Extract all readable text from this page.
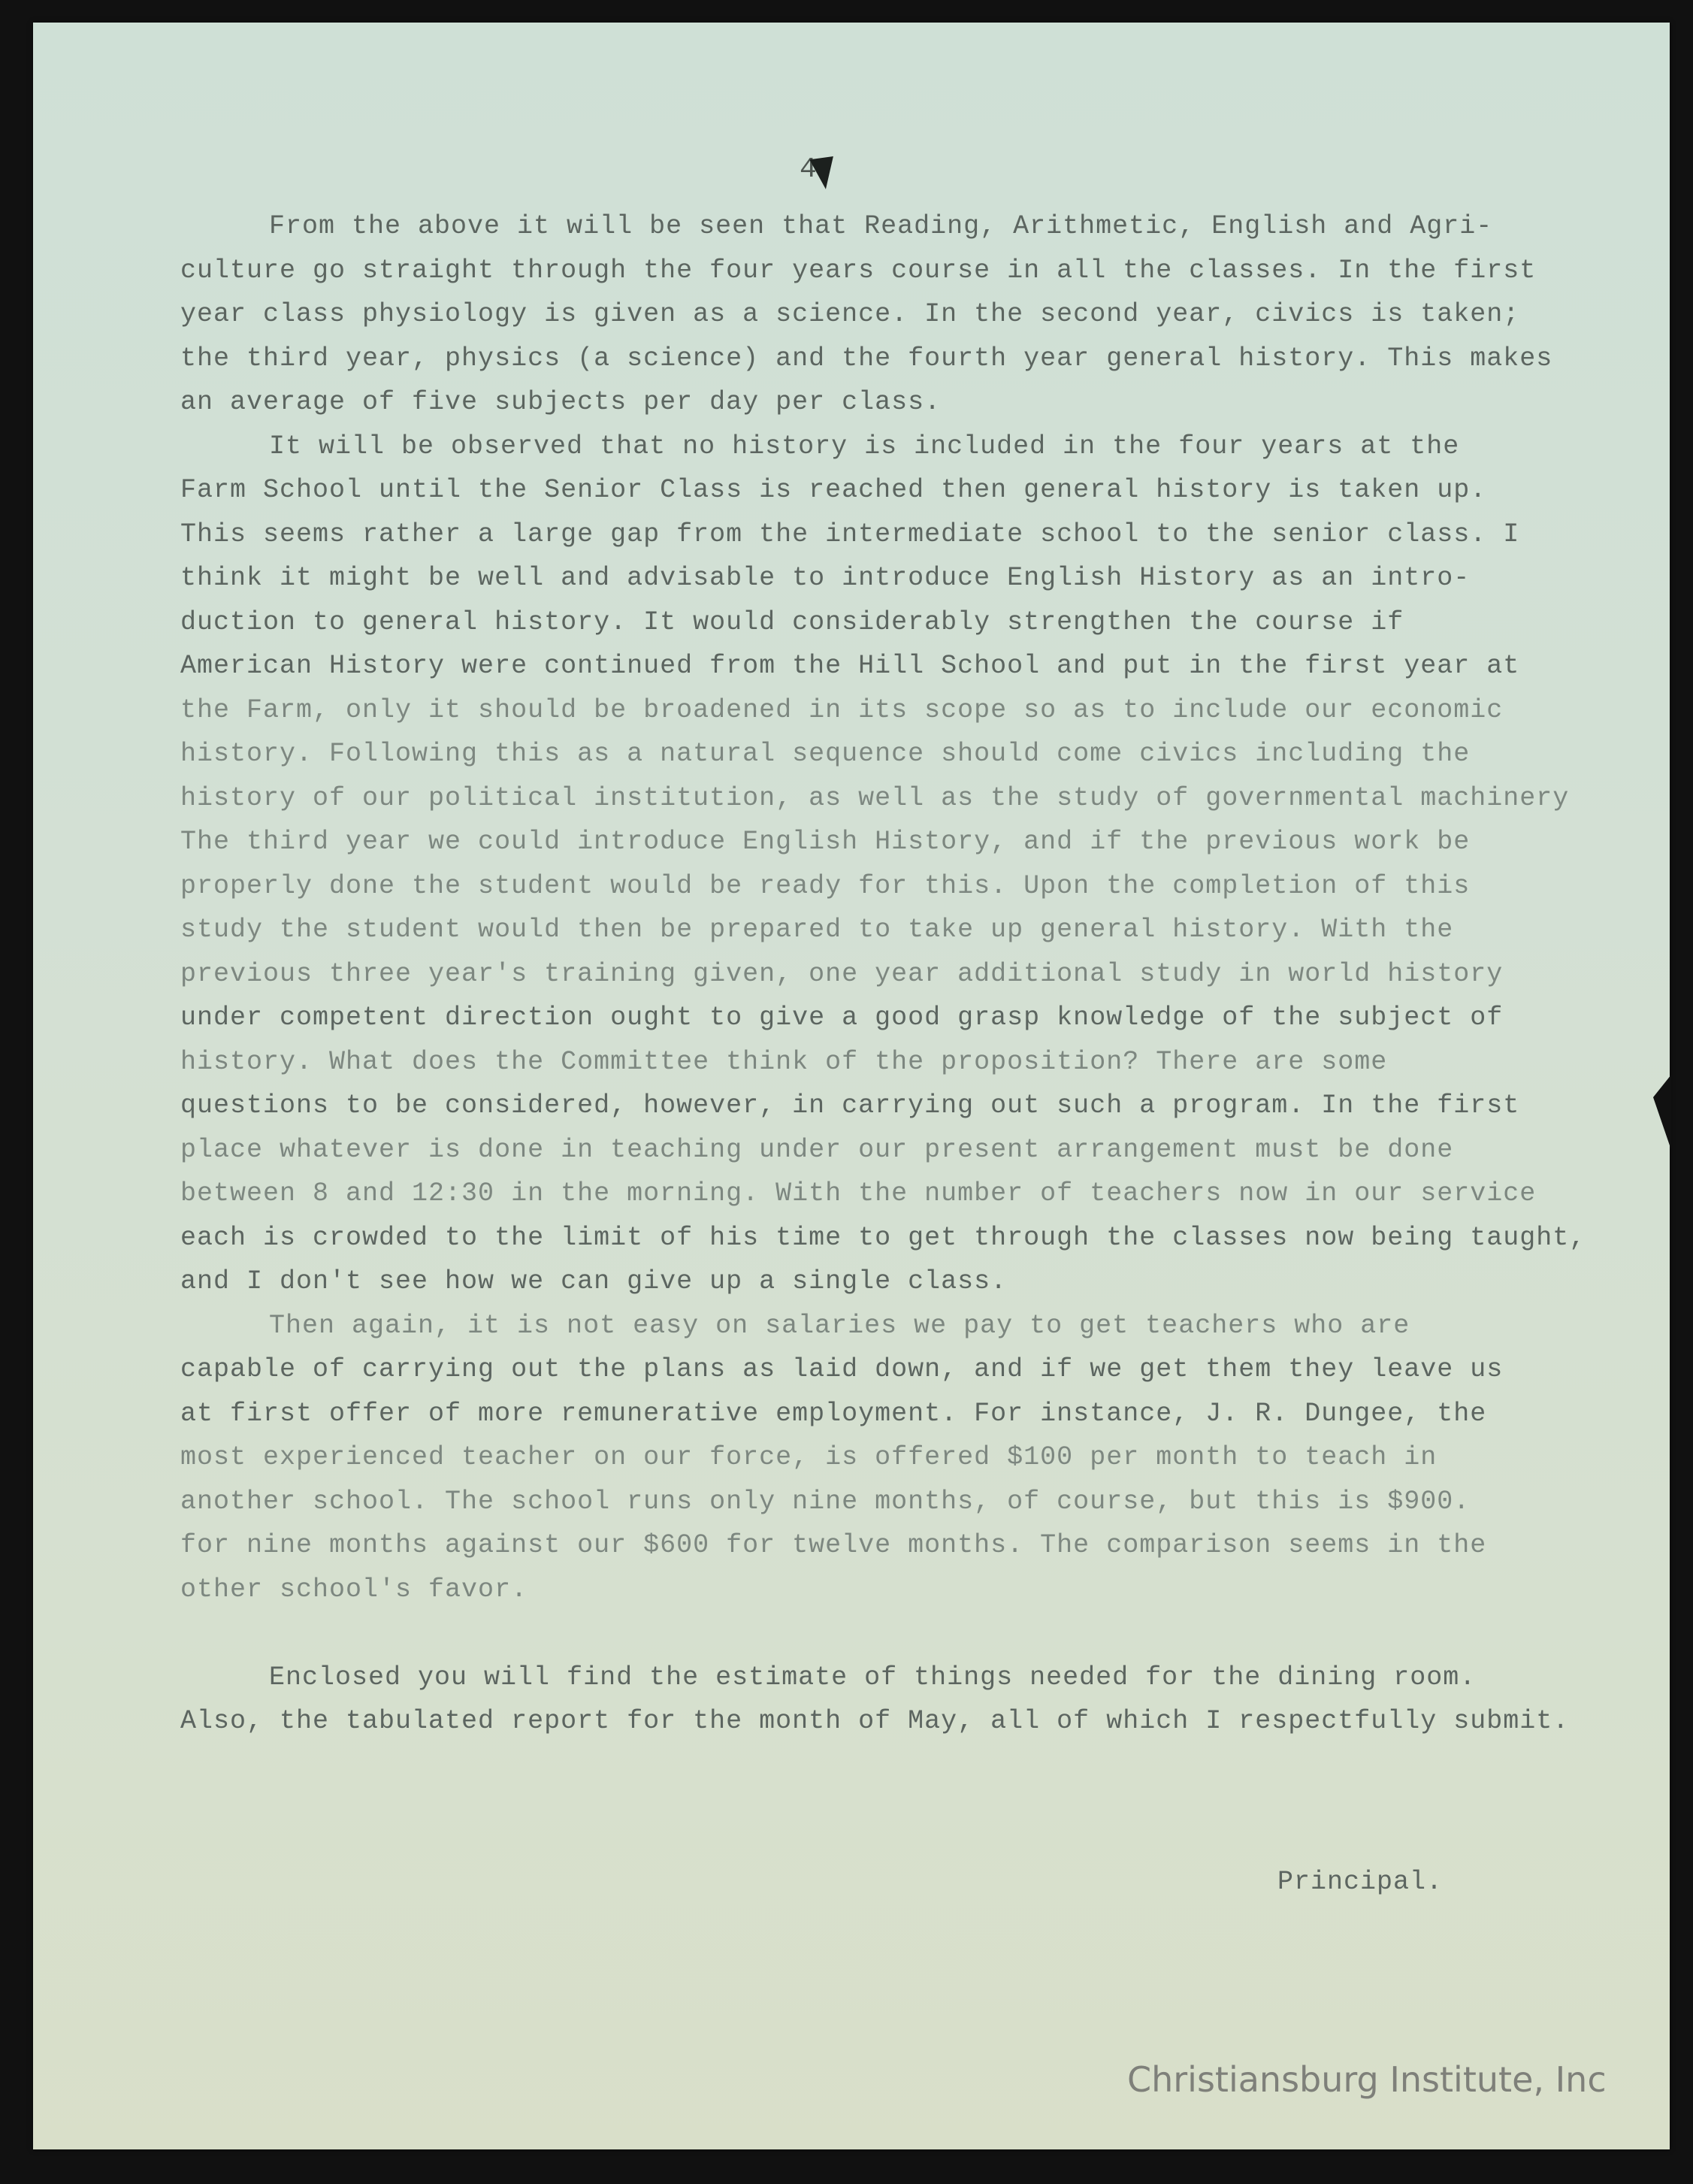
4.

From the above it will be seen that Reading, Arithmetic, English and Agri-

culture go straight through the four years course in all the classes. In the first

year class physiology is given as a science. In the second year, civics is taken;

the third year, physics (a science) and the fourth year general history. This makes

an average of five subjects per day per class.

It will be observed that no history is included in the four years at the

Farm School until the Senior Class is reached then general history is taken up.

This seems rather a large gap from the intermediate school to the senior class. I

think it might be well and advisable to introduce English History as an intro-

duction to general history. It would considerably strengthen the course if

American History were continued from the Hill School and put in the first year at

the Farm, only it should be broadened in its scope so as to include our economic

history. Following this as a natural sequence should come civics including the

history of our political institution, as well as the study of governmental machinery

The third year we could introduce English History, and if the previous work be

properly done the student would be ready for this. Upon the completion of this

study the student would then be prepared to take up general history. With the

previous three year's training given, one year additional study in world history

under competent direction ought to give a good grasp knowledge of the subject of

history. What does the Committee think of the proposition? There are some

questions to be considered, however, in carrying out such a program. In the first

place whatever is done in teaching under our present arrangement must be done

between 8 and 12:30 in the morning. With the number of teachers now in our service

each is crowded to the limit of his time to get through the classes now being taught,

and I don't see how we can give up a single class.

Then again, it is not easy on salaries we pay to get teachers who are

capable of carrying out the plans as laid down, and if we get them they leave us

at first offer of more remunerative employment. For instance, J. R. Dungee, the

most experienced teacher on our force, is offered $100 per month to teach in

another school. The school runs only nine months, of course, but this is $900.

for nine months against our $600 for twelve months. The comparison seems in the

other school's favor.

Enclosed you will find the estimate of things needed for the dining room.

Also, the tabulated report for the month of May, all of which I respectfully submit.

Principal.

Christiansburg Institute, Inc
